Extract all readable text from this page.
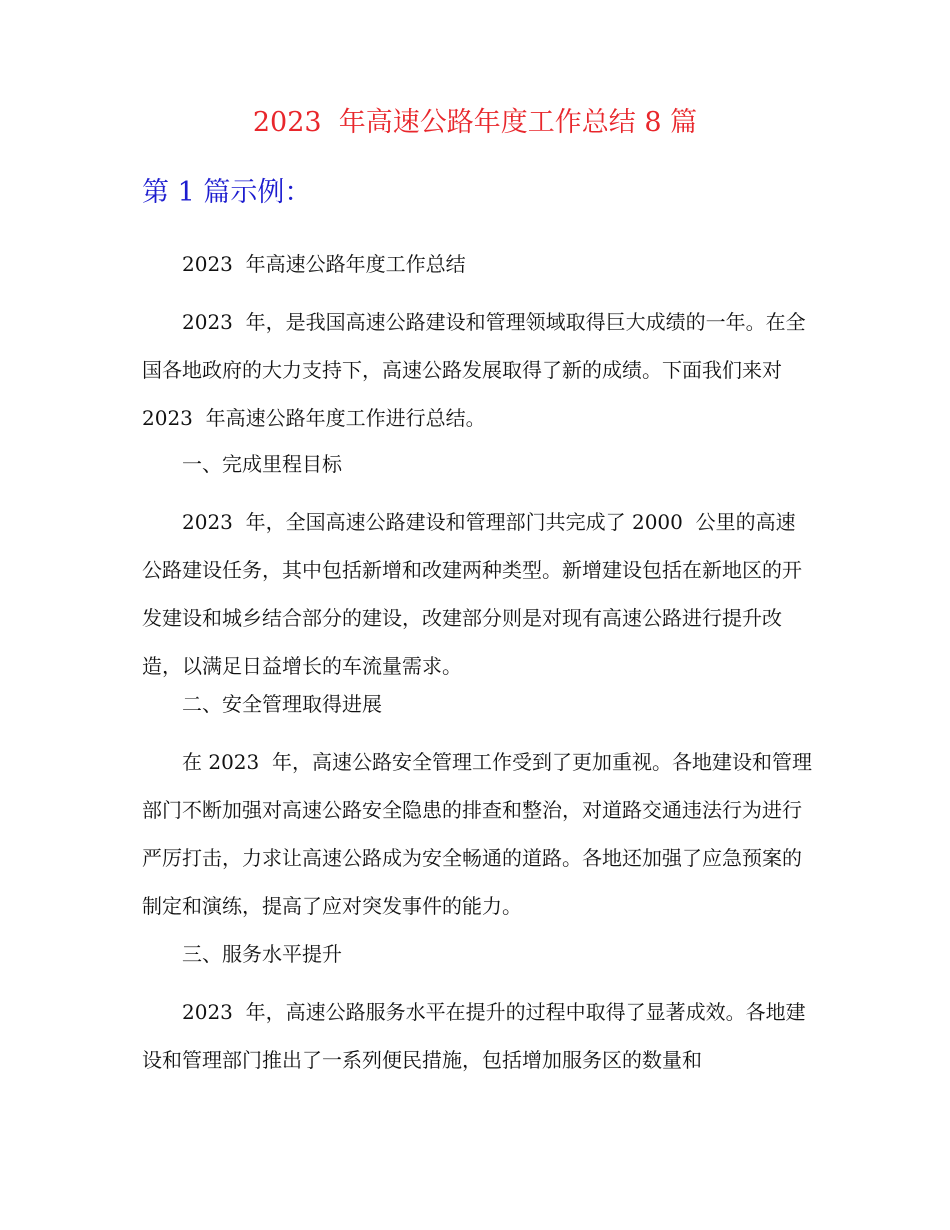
2023  年高速公路年度工作总结 8 篇
第 1 篇示例：

2023  年高速公路年度工作总结

2023  年，是我国高速公路建设和管理领域取得巨大成绩的一年。在全国各地政府的大力支持下，高速公路发展取得了新的成绩。下面我们来对 2023  年高速公路年度工作进行总结。

一、完成里程目标

2023  年，全国高速公路建设和管理部门共完成了 2000  公里的高速公路建设任务，其中包括新增和改建两种类型。新增建设包括在新地区的开发建设和城乡结合部分的建设，改建部分则是对现有高速公路进行提升改造，以满足日益增长的车流量需求。

二、安全管理取得进展

在 2023  年，高速公路安全管理工作受到了更加重视。各地建设和管理部门不断加强对高速公路安全隐患的排查和整治，对道路交通违法行为进行严厉打击，力求让高速公路成为安全畅通的道路。各地还加强了应急预案的制定和演练，提高了应对突发事件的能力。

三、服务水平提升

2023  年，高速公路服务水平在提升的过程中取得了显著成效。各地建设和管理部门推出了一系列便民措施，包括增加服务区的数量和
